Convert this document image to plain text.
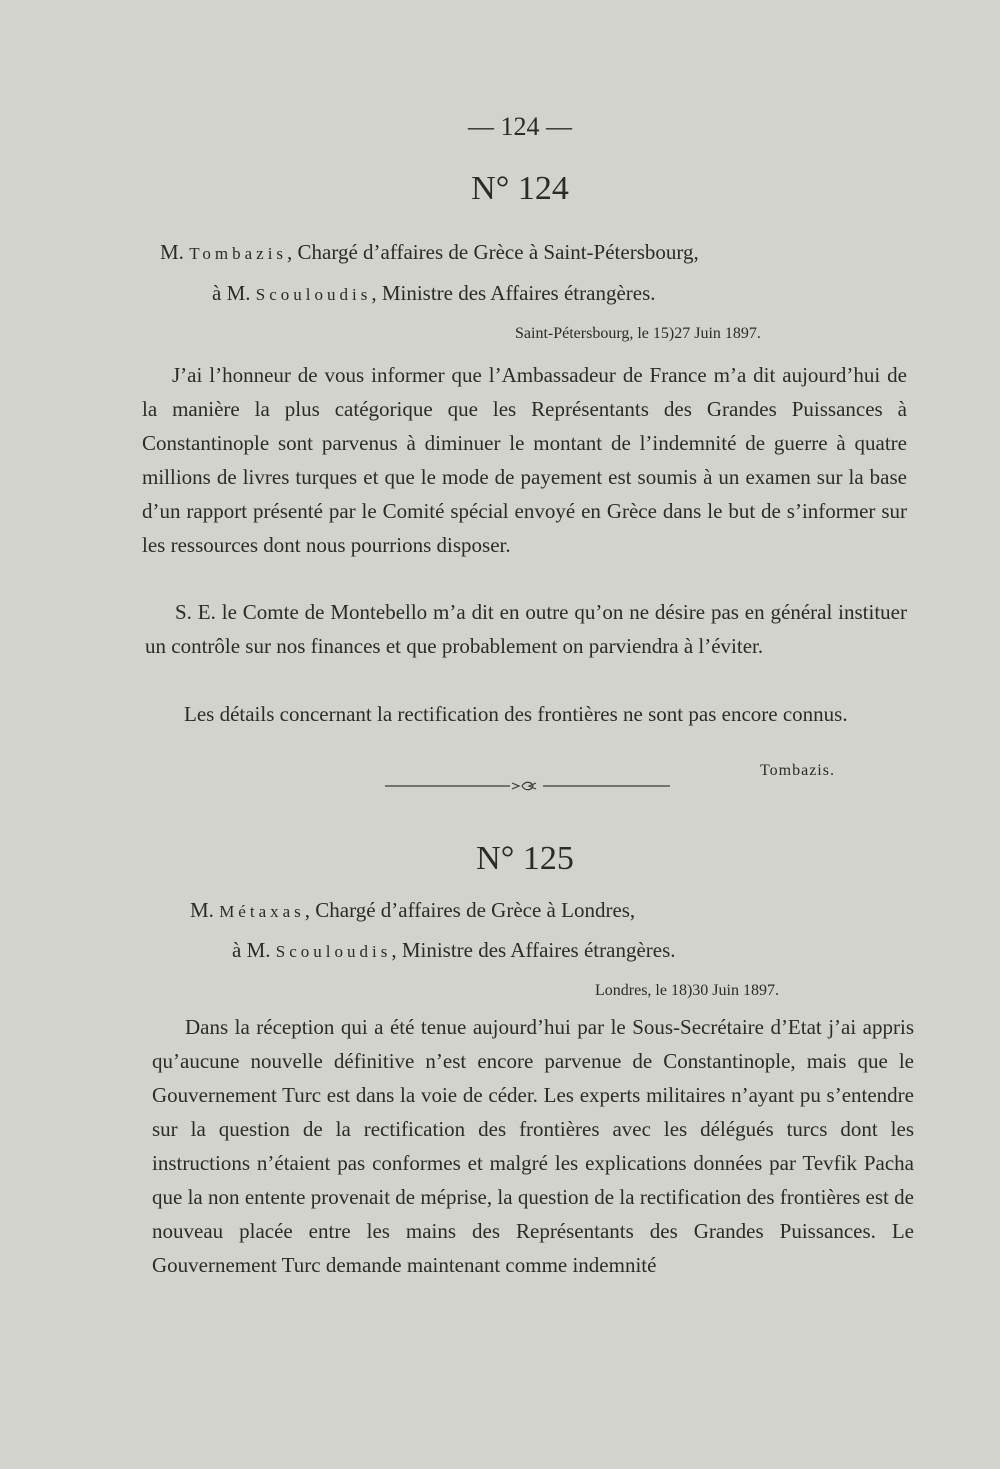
— 124 —
N° 124
M. Tombazis, Chargé d’affaires de Grèce à Saint-Pétersbourg,
à M. Scouloudis, Ministre des Affaires étrangères.
Saint-Pétersbourg, le 15)27 Juin 1897.
J’ai l’honneur de vous informer que l’Ambassadeur de France m’a dit aujourd’hui de la manière la plus catégorique que les Représentants des Grandes Puissances à Constantinople sont parvenus à diminuer le montant de l’indemnité de guerre à quatre millions de livres turques et que le mode de payement est soumis à un examen sur la base d’un rapport présenté par le Comité spécial envoyé en Grèce dans le but de s’informer sur les ressources dont nous pourrions disposer.
S. E. le Comte de Montebello m’a dit en outre qu’on ne désire pas en général instituer un contrôle sur nos finances et que probablement on parviendra à l’éviter.
Les détails concernant la rectification des frontières ne sont pas encore connus.
Tombazis.
N° 125
M. Métaxas, Chargé d’affaires de Grèce à Londres,
à M. Scouloudis, Ministre des Affaires étrangères.
Londres, le 18)30 Juin 1897.
Dans la réception qui a été tenue aujourd’hui par le Sous-Secrétaire d’Etat j’ai appris qu’aucune nouvelle définitive n’est encore parvenue de Constantinople, mais que le Gouvernement Turc est dans la voie de céder. Les experts militaires n’ayant pu s’entendre sur la question de la rectification des frontières avec les délégués turcs dont les instructions n’étaient pas conformes et malgré les explications données par Tevfik Pacha que la non entente provenait de méprise, la question de la rectification des frontières est de nouveau placée entre les mains des Représentants des Grandes Puissances. Le Gouvernement Turc demande maintenant comme indemnité
